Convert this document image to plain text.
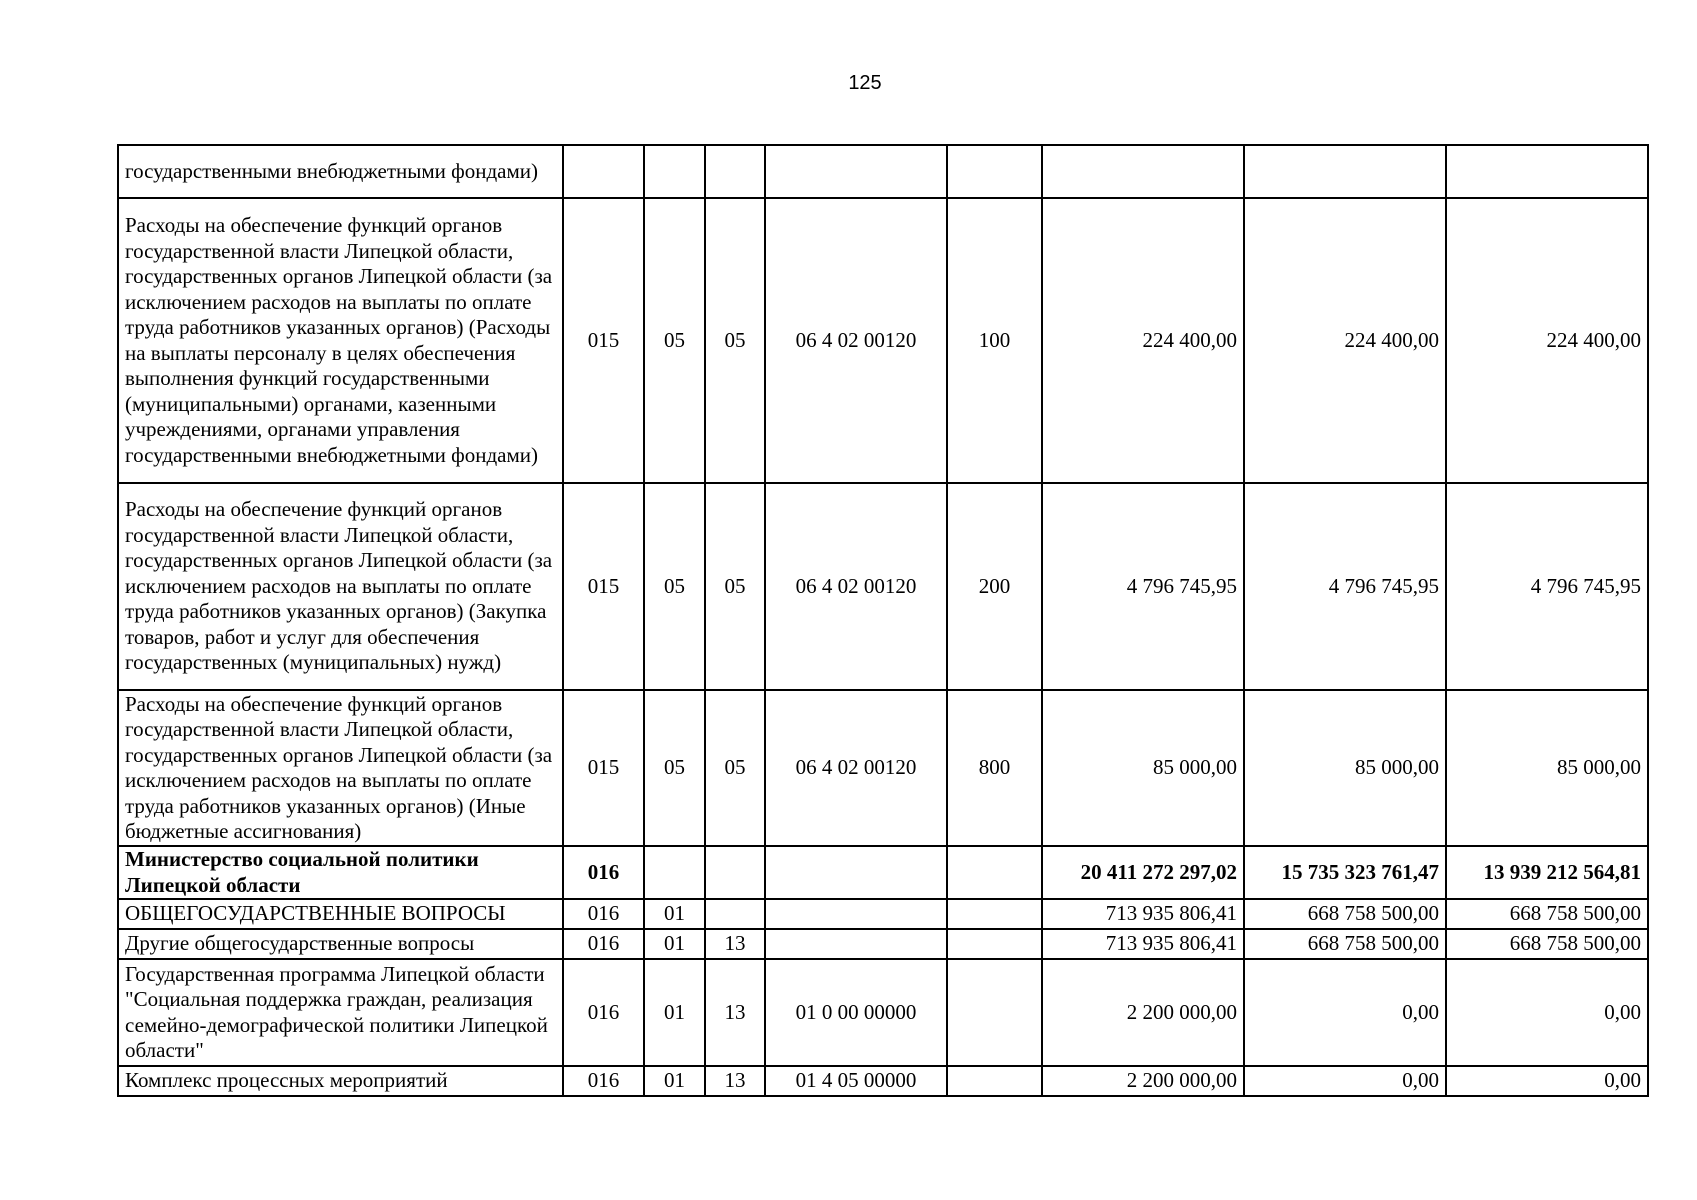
125
государственными внебюджетными фондами)								
Расходы на обеспечение функций органов государственной власти Липецкой области, государственных органов Липецкой области (за исключением расходов на выплаты по оплате труда работников указанных органов) (Расходы на выплаты персоналу в целях обеспечения выполнения функций государственными (муниципальными) органами, казенными учреждениями, органами управления государственными внебюджетными фондами)	015	05	05	06 4 02 00120	100	224 400,00	224 400,00	224 400,00
Расходы на обеспечение функций органов государственной власти Липецкой области, государственных органов Липецкой области (за исключением расходов на выплаты по оплате труда работников указанных органов) (Закупка товаров, работ и услуг для обеспечения государственных (муниципальных) нужд)	015	05	05	06 4 02 00120	200	4 796 745,95	4 796 745,95	4 796 745,95
Расходы на обеспечение функций органов государственной власти Липецкой области, государственных органов Липецкой области (за исключением расходов на выплаты по оплате труда работников указанных органов) (Иные бюджетные ассигнования)	015	05	05	06 4 02 00120	800	85 000,00	85 000,00	85 000,00
Министерство социальной политики Липецкой области	016					20 411 272 297,02	15 735 323 761,47	13 939 212 564,81
ОБЩЕГОСУДАРСТВЕННЫЕ ВОПРОСЫ	016	01				713 935 806,41	668 758 500,00	668 758 500,00
Другие общегосударственные вопросы	016	01	13			713 935 806,41	668 758 500,00	668 758 500,00
Государственная программа Липецкой области "Социальная поддержка граждан, реализация семейно-демографической политики Липецкой области"	016	01	13	01 0 00 00000		2 200 000,00	0,00	0,00
Комплекс процессных мероприятий	016	01	13	01 4 05 00000		2 200 000,00	0,00	0,00
